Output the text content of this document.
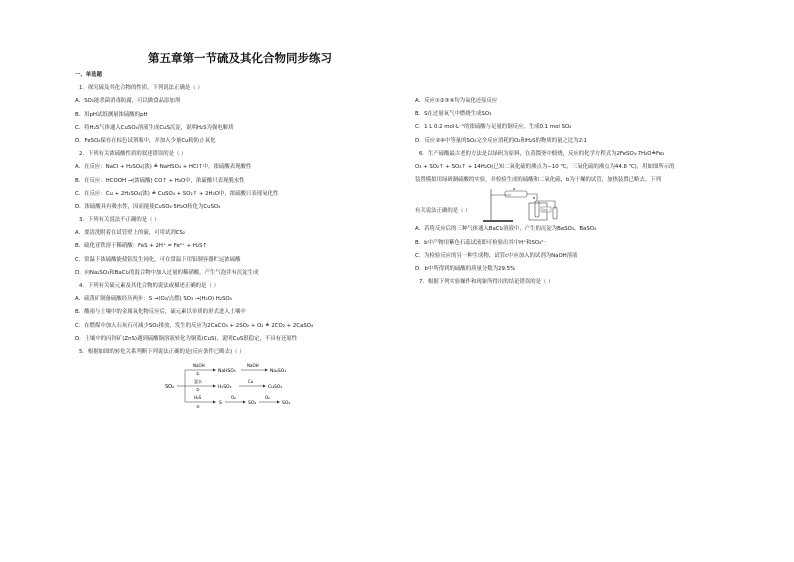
第五章第一节硫及其化合物同步练习
一、单选题
1．探究硫及其化合物的性质，下列说法正确是（ ）
A．SO₂能杀菌消毒防腐，可以做食品添加剂
B．用pH试纸测量浓硫酸的pH
C．将H₂S气体通入CuSO₄溶液生成CuS沉淀，说明H₂S为强电解质
D．FeSO₄保存在棕色试剂瓶中，并加入少量Cu粉防止氧化
2．下列有关浓硫酸性质的叙述错误的是（ ）
A．在反应：NaCl + H₂SO₄(浓) ≜ NaHSO₄ + HCl↑中，浓硫酸表现酸性
B．在反应：HCOOH →(浓硫酸) CO↑ + H₂O中，浓硫酸只表现脱水性
C．在反应：Cu + 2H₂SO₄(浓) ≜ CuSO₄ + SO₂↑ + 2H₂O中，浓硫酸只表现氧化性
D．浓硫酸具有吸水性，因而能使CuSO₄·5H₂O转化为CuSO₄
3．下列有关说法不正确的是（ ）
A．要清洗附着在试管壁上的硫，可用试剂CS₂
B．硫化亚铁溶于稀硝酸：FeS + 2H⁺ = Fe²⁺ + H₂S↑
C．常温下浓硫酸能使铝发生钝化，可在常温下用铝制容器贮运浓硫酸
D．向Na₂SO₃和BaCl₂的混合物中加入过量的稀硝酸，产生气泡并有沉淀生成
4．下列有关硫元素及其化合物的说法或描述正确的是（ ）
A．硫黄矿制备硫酸经历两步：S →(O₂/点燃) SO₃ →(H₂O) H₂SO₄
B．酸雨与土壤中的金属氧化物反应后，硫元素以单质的形式进入土壤中
C．在燃煤中加入石灰石可减少SO₂排放，发生的反应为2CaCO₃ + 2SO₂ + O₂ ≜ 2CO₂ + 2CaSO₄
D．土壤中的闪锌矿(ZnS)遇到硫酸铜溶液转化为铜蓝(CuS)，说明CuS很稳定，不具有还原性
5．根据如图的转化关系判断下列说法正确的是(反应条件已略去)（ ）
SO₂
NaOH
①	NaHSO₃
NaOH
Na₂SO₃
氯水
②	H₂SO₄
Cu
CuSO₄
H₂S
③
S
O₂
SO₂
O₂
SO₃
A．反应①②③④均为氧化还原反应
B．S在过量氧气中燃烧生成SO₃
C．1 L 0.2 mol·L⁻¹的浓硫酸与足量的铜反应，生成0.1 mol SO₂
D．反应②④中等量的SO₂完全反应消耗的O₂和H₂S的物质的量之比为2∶1
6．生产硫酸最古老的方法是以绿矾为原料，在蒸馏釜中煅烧，反应的化学方程式为2FeSO₄·7H₂O≜Fe₂
O₃ + SO₂↑ + SO₃↑ + 14H₂O(已知二氧化硫的沸点为−10 ℃，三氧化硫的沸点为44.8 ℃)，用如图所示的
装置模拟用绿矾制硫酸的实验，并检验生成的硫酸和二氧化硫，b为干燥的试管，加热装置已略去。下列
有关说法正确的是（ ）
a
b
冷水
A．若将反应后的三种气体通入BaCl₂溶液中，产生的沉淀为BaSO₃、BaSO₄
B．b中产物用紫色石蕊试液即可检验出其中H⁺和SO₄²⁻
C．为检验反应的另一种生成物，试管c中应加入的试剂为NaOH溶液
D．b中所得到的硫酸的质量分数为29.5%
7．根据下列实验操作和现象所得出的结论错误的是（ ）
